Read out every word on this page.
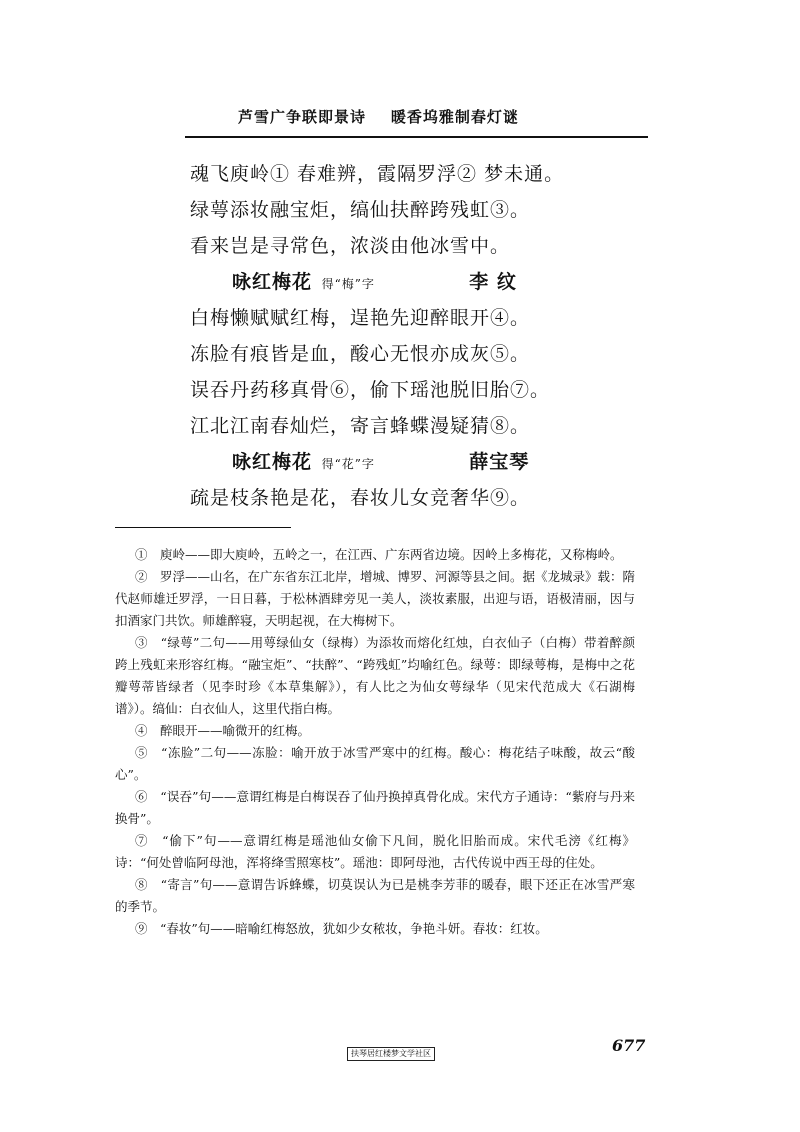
芦雪广争联即景诗    暖香坞雅制春灯谜
魂飞庾岭① 春难辨，霞隔罗浮② 梦未通。
绿萼添妆融宝炬，缟仙扶醉跨残虹③。
看来岂是寻常色，浓淡由他冰雪中。
咏红梅花 得“梅”字	李 纹
白梅懒赋赋红梅，逞艳先迎醉眼开④。
冻脸有痕皆是血，酸心无恨亦成灰⑤。
误吞丹药移真骨⑥，偷下瑶池脱旧胎⑦。
江北江南春灿烂，寄言蜂蝶漫疑猜⑧。
咏红梅花 得“花”字	薛宝琴
疏是枝条艳是花，春妆儿女竞奢华⑨。

①　庾岭——即大庾岭，五岭之一，在江西、广东两省边境。因岭上多梅花，又称梅岭。

②　罗浮——山名，在广东省东江北岸，增城、博罗、河源等县之间。据《龙城录》载：隋代赵师雄迁罗浮，一日日暮，于松林酒肆旁见一美人，淡妆素服，出迎与语，语极清丽，因与扣酒家门共饮。师雄醉寝，天明起视，在大梅树下。

③　“绿萼”二句——用萼绿仙女（绿梅）为添妆而熔化红烛，白衣仙子（白梅）带着醉颜跨上残虹来形容红梅。“融宝炬”、“扶醉”、“跨残虹”均喻红色。绿萼：即绿萼梅，是梅中之花瓣萼蒂皆绿者（见李时珍《本草集解》），有人比之为仙女萼绿华（见宋代范成大《石湖梅谱》）。缟仙：白衣仙人，这里代指白梅。

④　醉眼开——喻微开的红梅。

⑤　“冻脸”二句——冻脸：喻开放于冰雪严寒中的红梅。酸心：梅花结子味酸，故云“酸心”。

⑥　“误吞”句——意谓红梅是白梅误吞了仙丹换掉真骨化成。宋代方子通诗：“紫府与丹来换骨”。

⑦　“偷下”句——意谓红梅是瑶池仙女偷下凡间，脱化旧胎而成。宋代毛滂《红梅》诗：“何处曾临阿母池，浑将绛雪照寒枝”。瑶池：即阿母池，古代传说中西王母的住处。

⑧　“寄言”句——意谓告诉蜂蝶，切莫误认为已是桃李芳菲的暖春，眼下还正在冰雪严寒的季节。

⑨　“春妆”句——暗喻红梅怒放，犹如少女秾妆，争艳斗妍。春妆：红妆。

扶琴居红楼梦文学社区	677
